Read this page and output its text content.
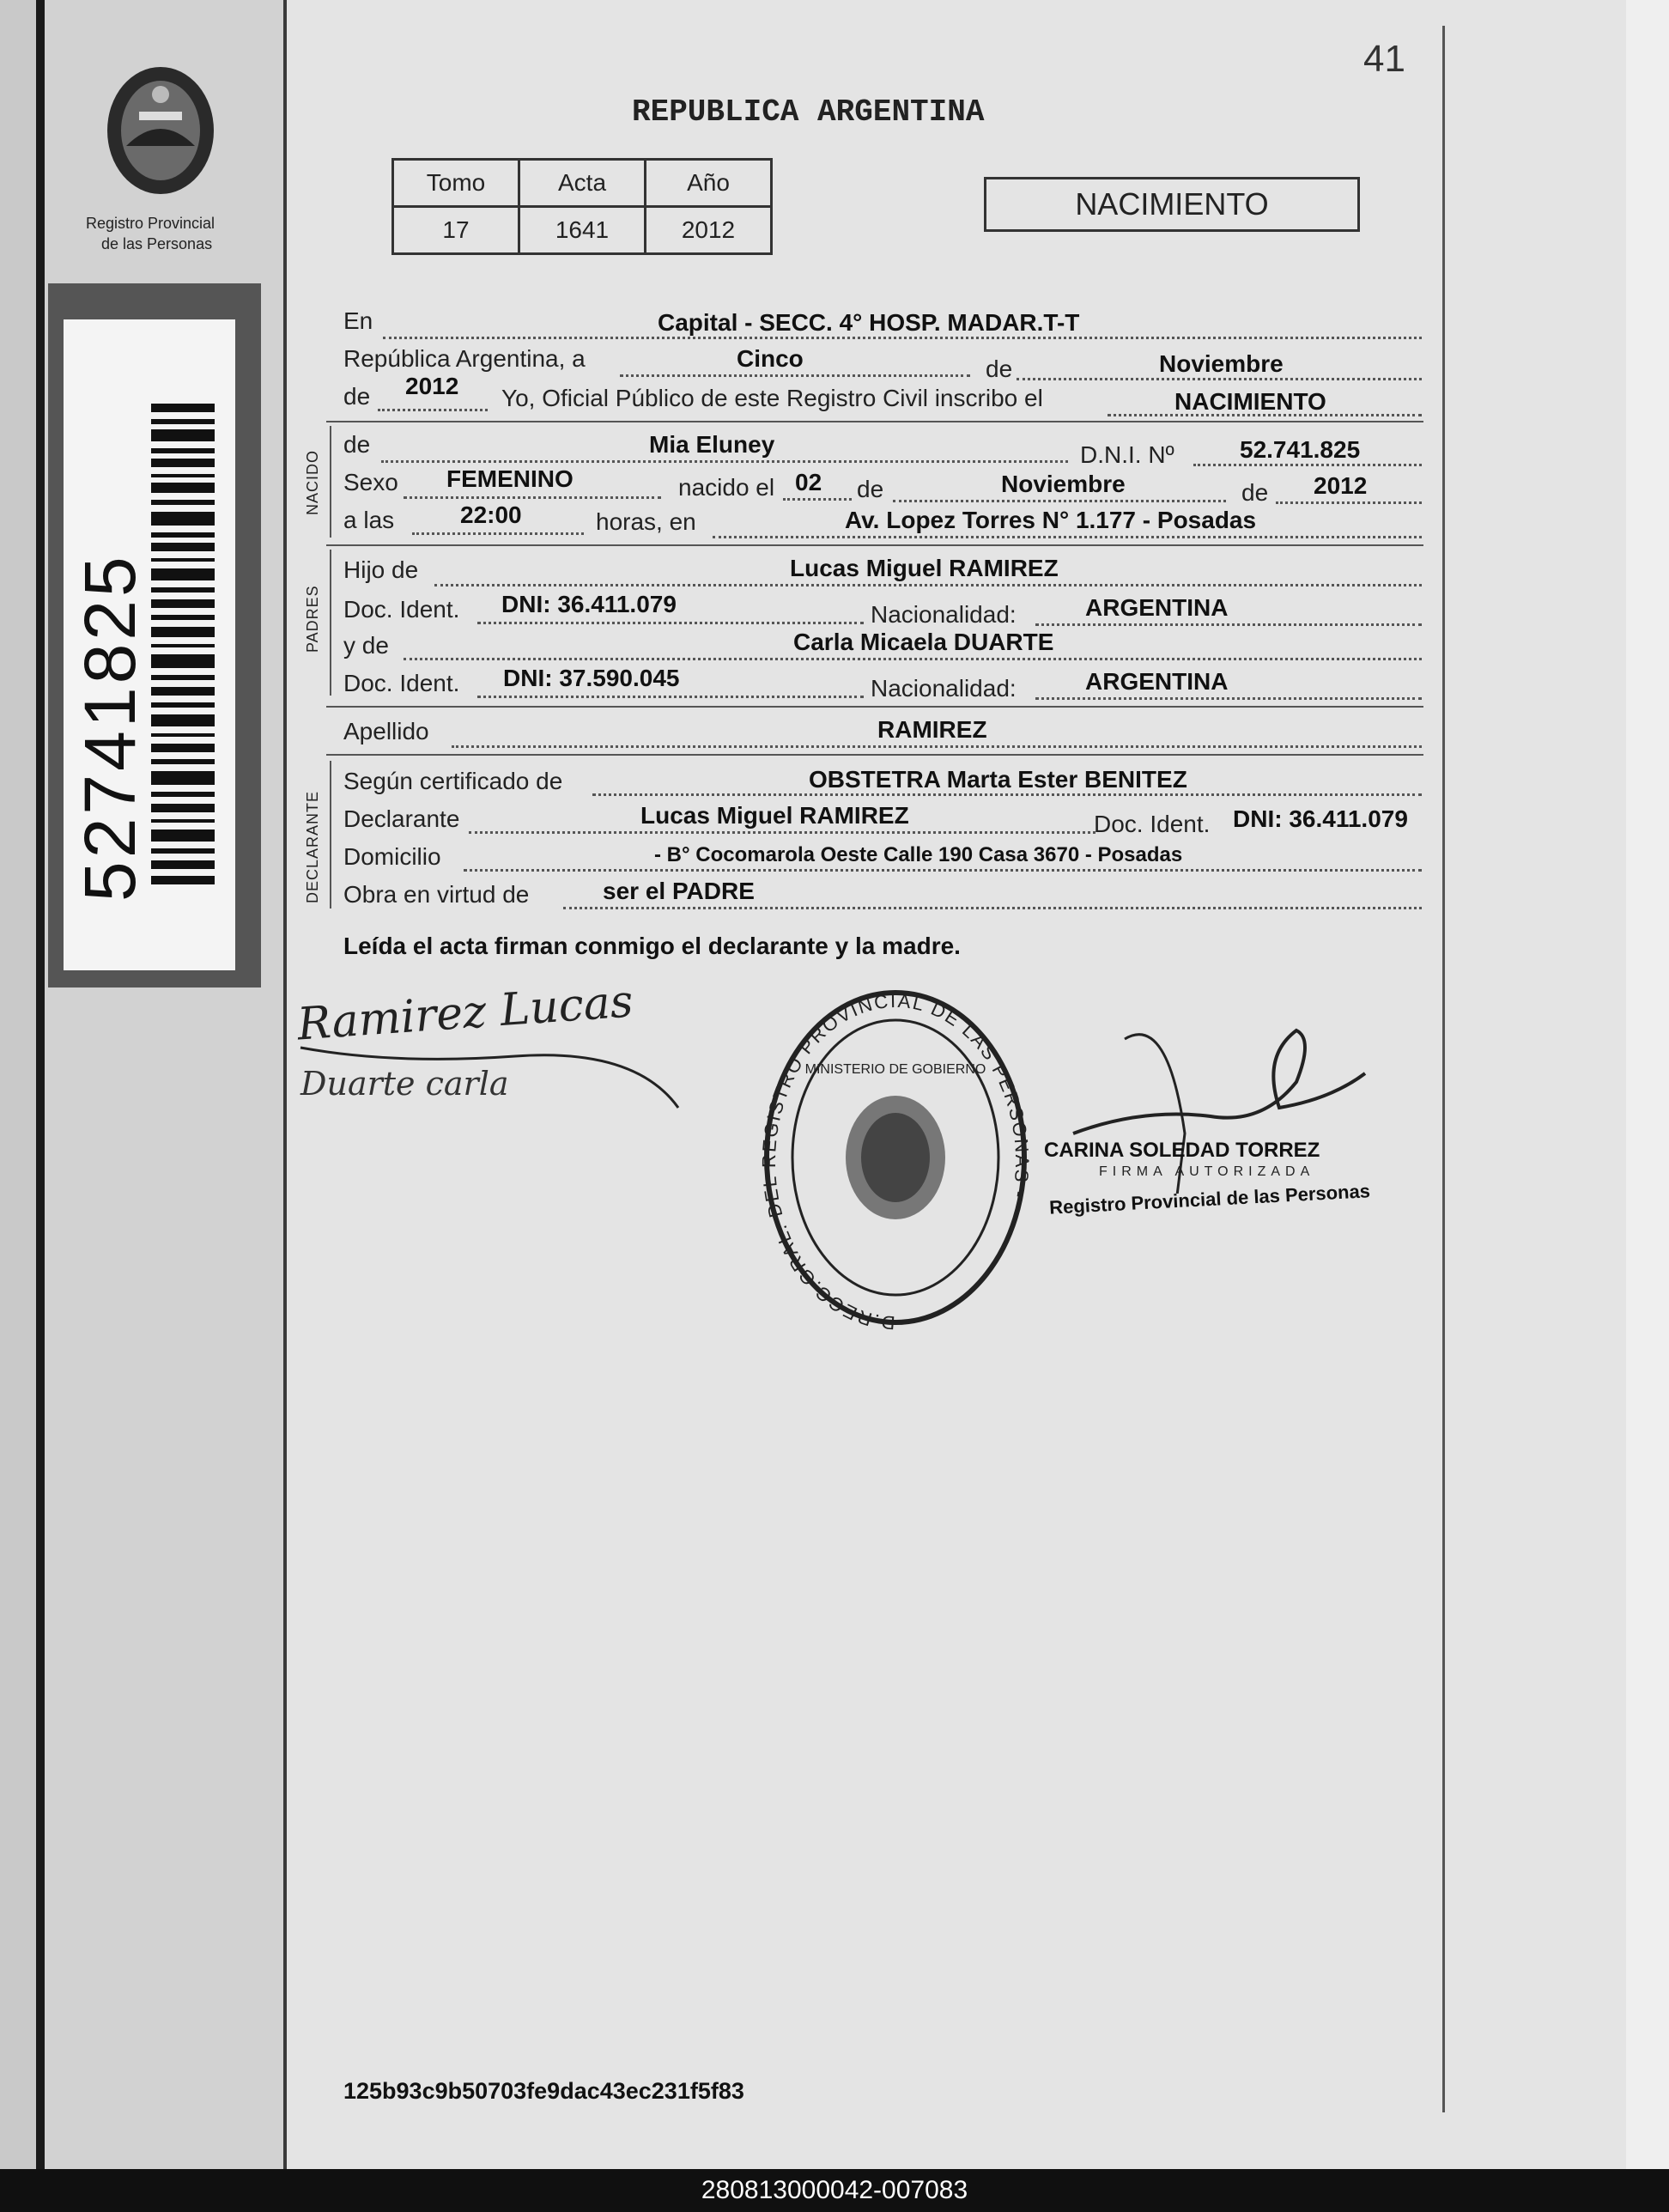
Registro Provincial
de las Personas
52741825
41
REPUBLICA ARGENTINA
Tomo	Acta	Año
17	1641	2012
NACIMIENTO
En	Capital - SECC. 4° HOSP. MADAR.T-T
República Argentina, a	Cinco	de	Noviembre
de 2012 Yo, Oficial Público de este Registro Civil inscribo el	NACIMIENTO
NACIDO
de	Mia Eluney	D.N.I. Nº	52.741.825
Sexo FEMENINO	nacido el 02 de	Noviembre	de 2012
a las	22:00	horas, en	Av. Lopez Torres N° 1.177 - Posadas
PADRES
Hijo de	Lucas Miguel RAMIREZ
Doc. Ident. DNI: 36.411.079	Nacionalidad:	ARGENTINA
y de	Carla Micaela DUARTE
Doc. Ident. DNI: 37.590.045	Nacionalidad:	ARGENTINA
Apellido	RAMIREZ
DECLARANTE
Según certificado de	OBSTETRA Marta Ester BENITEZ
Declarante	Lucas Miguel RAMIREZ	Doc. Ident. DNI: 36.411.079
Domicilio	- B° Cocomarola Oeste Calle 190 Casa 3670 - Posadas
Obra en virtud de	ser el PADRE
Leída el acta firman conmigo el declarante y la madre.
Ramirez Lucas
Duarte carla
D.RECC.GRAL. DEL REGISTRO PROVINCIAL DE LAS PERSONAS -
MINISTERIO DE GOBIERNO
CARINA SOLEDAD TORREZ
FIRMA AUTORIZADA
Registro Provincial de las Personas
125b93c9b50703fe9dac43ec231f5f83
280813000042-007083
